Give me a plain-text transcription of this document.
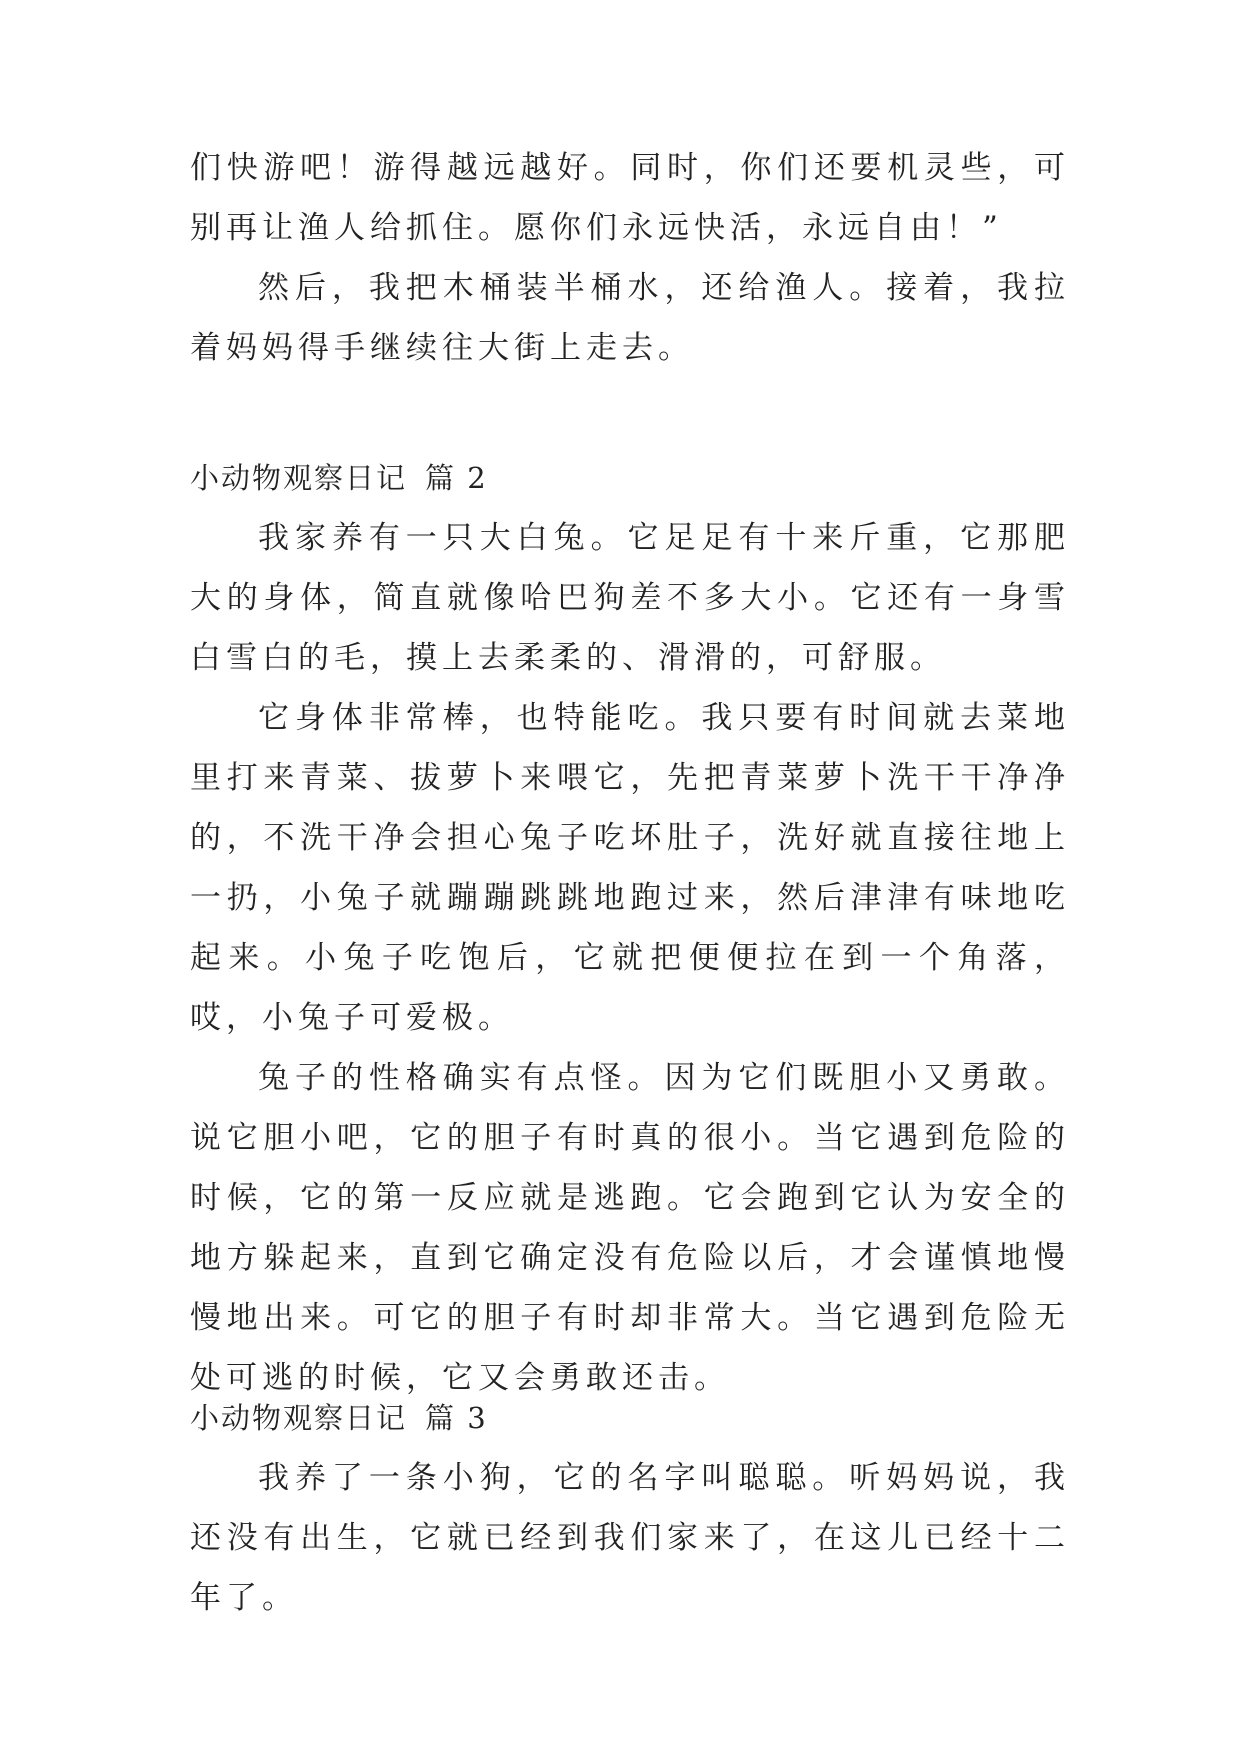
们快游吧！游得越远越好。同时，你们还要机灵些，可别再让渔人给抓住。愿你们永远快活，永远自由！”
然后，我把木桶装半桶水，还给渔人。接着，我拉着妈妈得手继续往大街上走去。
小动物观察日记 篇 2
我家养有一只大白兔。它足足有十来斤重，它那肥大的身体，简直就像哈巴狗差不多大小。它还有一身雪白雪白的毛，摸上去柔柔的、滑滑的，可舒服。
它身体非常棒，也特能吃。我只要有时间就去菜地里打来青菜、拔萝卜来喂它，先把青菜萝卜洗干干净净的，不洗干净会担心兔子吃坏肚子，洗好就直接往地上一扔，小兔子就蹦蹦跳跳地跑过来，然后津津有味地吃起来。小兔子吃饱后，它就把便便拉在到一个角落，哎，小兔子可爱极。
兔子的性格确实有点怪。因为它们既胆小又勇敢。说它胆小吧，它的胆子有时真的很小。当它遇到危险的时候，它的第一反应就是逃跑。它会跑到它认为安全的地方躲起来，直到它确定没有危险以后，才会谨慎地慢慢地出来。可它的胆子有时却非常大。当它遇到危险无处可逃的时候，它又会勇敢还击。
小动物观察日记 篇 3
我养了一条小狗，它的名字叫聪聪。听妈妈说，我还没有出生，它就已经到我们家来了，在这儿已经十二年了。
